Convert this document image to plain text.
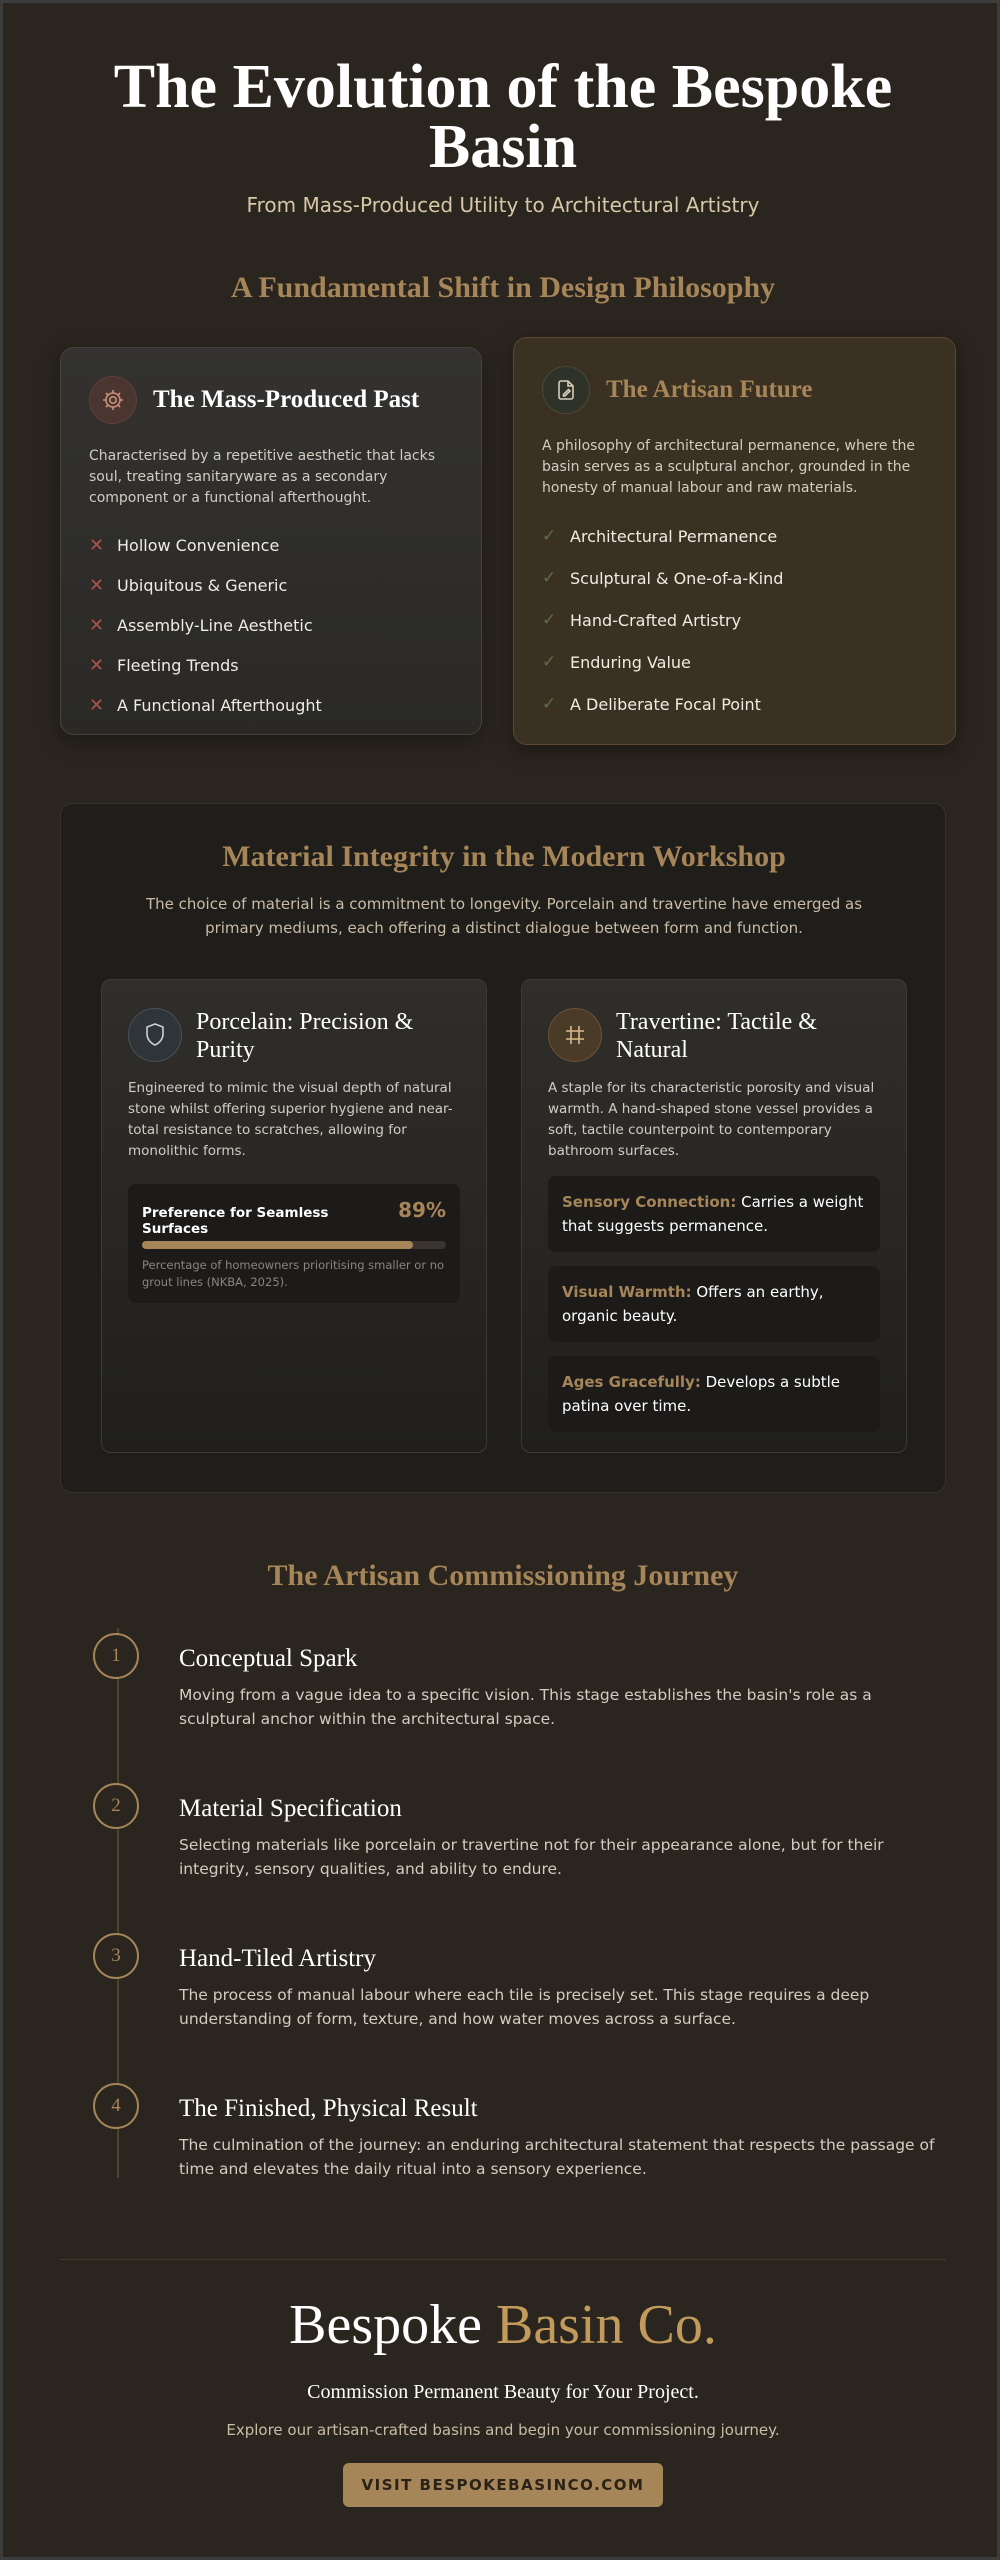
The Evolution of the Bespoke Basin
From Mass-Produced Utility to Architectural Artistry
A Fundamental Shift in Design Philosophy
The Mass-Produced Past

Characterised by a repetitive aesthetic that lacks soul, treating sanitaryware as a secondary component or a functional afterthought.

✕ Hollow Convenience
✕ Ubiquitous & Generic
✕ Assembly-Line Aesthetic
✕ Fleeting Trends
✕ A Functional Afterthought
The Artisan Future

A philosophy of architectural permanence, where the basin serves as a sculptural anchor, grounded in the honesty of manual labour and raw materials.

✓ Architectural Permanence
✓ Sculptural & One-of-a-Kind
✓ Hand-Crafted Artistry
✓ Enduring Value
✓ A Deliberate Focal Point
Material Integrity in the Modern Workshop

The choice of material is a commitment to longevity. Porcelain and travertine have emerged as primary mediums, each offering a distinct dialogue between form and function.

Porcelain: Precision & Purity

Engineered to mimic the visual depth of natural stone whilst offering superior hygiene and near-total resistance to scratches, allowing for monolithic forms.

Preference for Seamless Surfaces
89%

Percentage of homeowners prioritising smaller or no grout lines (NKBA, 2025).

Travertine: Tactile & Natural

A staple for its characteristic porosity and visual warmth. A hand-shaped stone vessel provides a soft, tactile counterpoint to contemporary bathroom surfaces.

Sensory Connection: Carries a weight that suggests permanence.
Visual Warmth: Offers an earthy, organic beauty.
Ages Gracefully: Develops a subtle patina over time.
The Artisan Commissioning Journey
1	Conceptual Spark

Moving from a vague idea to a specific vision. This stage establishes the basin's role as a sculptural anchor within the architectural space.

2	Material Specification

Selecting materials like porcelain or travertine not for their appearance alone, but for their integrity, sensory qualities, and ability to endure.

3	Hand-Tiled Artistry

The process of manual labour where each tile is precisely set. This stage requires a deep understanding of form, texture, and how water moves across a surface.

4	The Finished, Physical Result

The culmination of the journey: an enduring architectural statement that respects the passage of time and elevates the daily ritual into a sensory experience.

Bespoke Basin Co.
Commission Permanent Beauty for Your Project.
Explore our artisan-crafted basins and begin your commissioning journey.
VISIT BESPOKEBASINCO.COM
